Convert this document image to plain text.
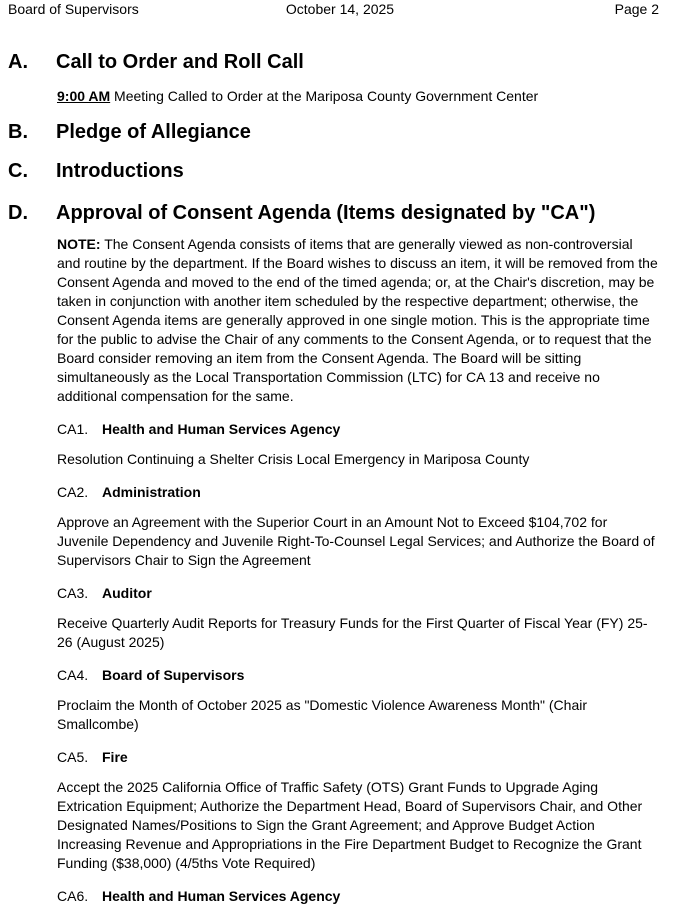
Board of Supervisors	October 14, 2025	Page 2
A. Call to Order and Roll Call
9:00 AM Meeting Called to Order at the Mariposa County Government Center
B. Pledge of Allegiance
C. Introductions
D. Approval of Consent Agenda (Items designated by "CA")
NOTE: The Consent Agenda consists of items that are generally viewed as non-controversial and routine by the department. If the Board wishes to discuss an item, it will be removed from the Consent Agenda and moved to the end of the timed agenda; or, at the Chair's discretion, may be taken in conjunction with another item scheduled by the respective department; otherwise, the Consent Agenda items are generally approved in one single motion. This is the appropriate time for the public to advise the Chair of any comments to the Consent Agenda, or to request that the Board consider removing an item from the Consent Agenda. The Board will be sitting simultaneously as the Local Transportation Commission (LTC) for CA 13 and receive no additional compensation for the same.
CA1. Health and Human Services Agency
Resolution Continuing a Shelter Crisis Local Emergency in Mariposa County
CA2. Administration
Approve an Agreement with the Superior Court in an Amount Not to Exceed $104,702 for Juvenile Dependency and Juvenile Right-To-Counsel Legal Services; and Authorize the Board of Supervisors Chair to Sign the Agreement
CA3. Auditor
Receive Quarterly Audit Reports for Treasury Funds for the First Quarter of Fiscal Year (FY) 25-26 (August 2025)
CA4. Board of Supervisors
Proclaim the Month of October 2025 as "Domestic Violence Awareness Month" (Chair Smallcombe)
CA5. Fire
Accept the 2025 California Office of Traffic Safety (OTS) Grant Funds to Upgrade Aging Extrication Equipment; Authorize the Department Head, Board of Supervisors Chair, and Other Designated Names/Positions to Sign the Grant Agreement; and Approve Budget Action Increasing Revenue and Appropriations in the Fire Department Budget to Recognize the Grant Funding ($38,000) (4/5ths Vote Required)
CA6. Health and Human Services Agency
